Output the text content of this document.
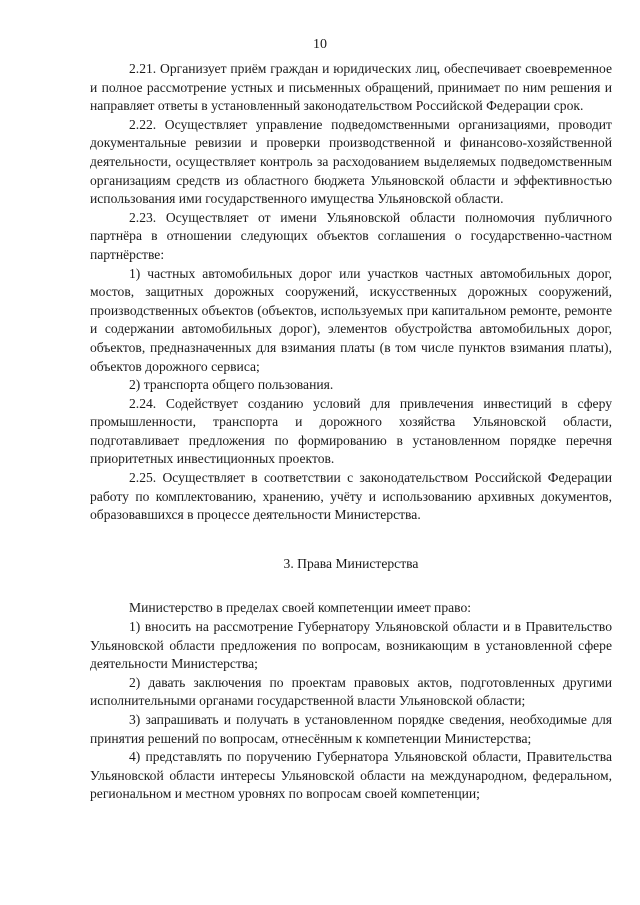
10

2.21. Организует приём граждан и юридических лиц, обеспечивает своевременное и полное рассмотрение устных и письменных обращений, принимает по ним решения и направляет ответы в установленный законодательством Российской Федерации срок.

2.22. Осуществляет управление подведомственными организациями, проводит документальные ревизии и проверки производственной и финансово-хозяйственной деятельности, осуществляет контроль за расходованием выделяемых подведомственным организациям средств из областного бюджета Ульяновской области и эффективностью использования ими государственного имущества Ульяновской области.

2.23. Осуществляет от имени Ульяновской области полномочия публичного партнёра в отношении следующих объектов соглашения о государственно-частном партнёрстве:

1) частных автомобильных дорог или участков частных автомобильных дорог, мостов, защитных дорожных сооружений, искусственных дорожных сооружений, производственных объектов (объектов, используемых при капитальном ремонте, ремонте и содержании автомобильных дорог), элементов обустройства автомобильных дорог, объектов, предназначенных для взимания платы (в том числе пунктов взимания платы), объектов дорожного сервиса;

2) транспорта общего пользования.

2.24. Содействует созданию условий для привлечения инвестиций в сферу промышленности, транспорта и дорожного хозяйства Ульяновской области, подготавливает предложения по формированию в установленном порядке перечня приоритетных инвестиционных проектов.

2.25. Осуществляет в соответствии с законодательством Российской Федерации работу по комплектованию, хранению, учёту и использованию архивных документов, образовавшихся в процессе деятельности Министерства.

3. Права Министерства

Министерство в пределах своей компетенции имеет право:

1) вносить на рассмотрение Губернатору Ульяновской области и в Правительство Ульяновской области предложения по вопросам, возникающим в установленной сфере деятельности Министерства;

2) давать заключения по проектам правовых актов, подготовленных другими исполнительными органами государственной власти Ульяновской области;

3) запрашивать и получать в установленном порядке сведения, необходимые для принятия решений по вопросам, отнесённым к компетенции Министерства;

4) представлять по поручению Губернатора Ульяновской области, Правительства Ульяновской области интересы Ульяновской области на международном, федеральном, региональном и местном уровнях по вопросам своей компетенции;
